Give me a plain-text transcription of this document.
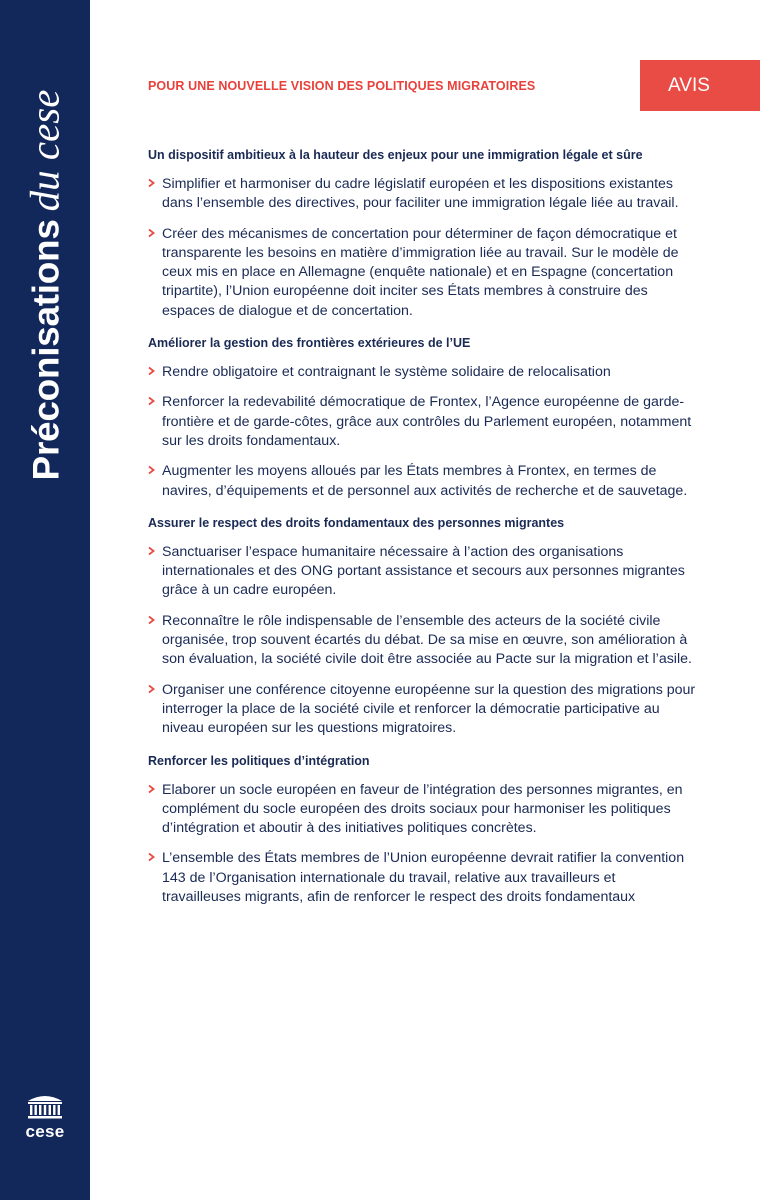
Préconisationsdu cese
cese
POUR UNE NOUVELLE VISION DES POLITIQUES MIGRATOIRES	AVIS
Un dispositif ambitieux à la hauteur des enjeux pour une immigration légale et sûre
Simplifier et harmoniser du cadre législatif européen et les dispositions existantes dans l’ensemble des directives, pour faciliter une immigration légale liée au travail.
Créer des mécanismes de concertation pour déterminer de façon démocratique et transparente les besoins en matière d’immigration liée au travail. Sur le modèle de ceux mis en place en Allemagne (enquête nationale) et en Espagne (concertation tripartite), l’Union européenne doit inciter ses États membres à construire des espaces de dialogue et de concertation.
Améliorer la gestion des frontières extérieures de l’UE
Rendre obligatoire et contraignant le système solidaire de relocalisation
Renforcer la redevabilité démocratique de Frontex, l’Agence européenne de garde-frontière et de garde-côtes, grâce aux contrôles du Parlement européen, notamment sur les droits fondamentaux.
Augmenter les moyens alloués par les États membres à Frontex, en termes de navires, d’équipements et de personnel aux activités de recherche et de sauvetage.
Assurer le respect des droits fondamentaux des personnes migrantes
Sanctuariser l’espace humanitaire nécessaire à l’action des organisations internationales et des ONG portant assistance et secours aux personnes migrantes grâce à un cadre européen.
Reconnaître le rôle indispensable de l’ensemble des acteurs de la société civile organisée, trop souvent écartés du débat. De sa mise en œuvre, son amélioration à son évaluation, la société civile doit être associée au Pacte sur la migration et l’asile.
Organiser une conférence citoyenne européenne sur la question des migrations pour interroger la place de la société civile et renforcer la démocratie participative au niveau européen sur les questions migratoires.
Renforcer les politiques d’intégration
Elaborer un socle européen en faveur de l’intégration des personnes migrantes, en complément du socle européen des droits sociaux pour harmoniser les politiques d’intégration et aboutir à des initiatives politiques concrètes.
L’ensemble des États membres de l’Union européenne devrait ratifier la convention 143 de l’Organisation internationale du travail, relative aux travailleurs et travailleuses migrants, afin de renforcer le respect des droits fondamentaux
